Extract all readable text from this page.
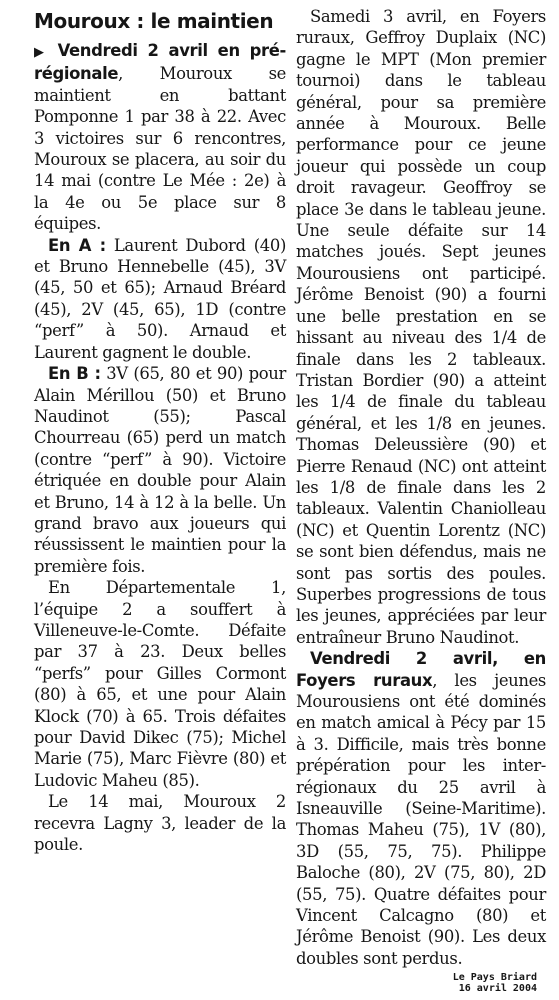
Mouroux : le maintien

▶ Vendredi 2 avril en pré-régionale, Mouroux se maintient en battant Pomponne 1 par 38 à 22. Avec 3 victoires sur 6 rencontres, Mouroux se placera, au soir du 14 mai (contre Le Mée : 2e) à la 4e ou 5e place sur 8 équipes.

En A : Laurent Dubord (40) et Bruno Hennebelle (45), 3V (45, 50 et 65); Arnaud Bréard (45), 2V (45, 65), 1D (contre “perf” à 50). Arnaud et Laurent gagnent le double.

En B : 3V (65, 80 et 90) pour Alain Mérillou (50) et Bruno Naudinot (55); Pascal Chourreau (65) perd un match (contre “perf” à 90). Victoire étriquée en double pour Alain et Bruno, 14 à 12 à la belle. Un grand bravo aux joueurs qui réussissent le maintien pour la première fois.

En Départementale 1, l’équipe 2 a souffert à Villeneuve-le-Comte. Défaite par 37 à 23. Deux belles “perfs” pour Gilles Cormont (80) à 65, et une pour Alain Klock (70) à 65. Trois défaites pour David Dikec (75); Michel Marie (75), Marc Fièvre (80) et Ludovic Maheu (85).

Le 14 mai, Mouroux 2 recevra Lagny 3, leader de la poule.

Samedi 3 avril, en Foyers ruraux, Geffroy Duplaix (NC) gagne le MPT (Mon premier tournoi) dans le tableau général, pour sa première année à Mouroux. Belle performance pour ce jeune joueur qui possède un coup droit ravageur. Geoffroy se place 3e dans le tableau jeune. Une seule défaite sur 14 matches joués. Sept jeunes Mourousiens ont participé. Jérôme Benoist (90) a fourni une belle prestation en se hissant au niveau des 1/4 de finale dans les 2 tableaux. Tristan Bordier (90) a atteint les 1/4 de finale du tableau général, et les 1/8 en jeunes. Thomas Deleussière (90) et Pierre Renaud (NC) ont atteint les 1/8 de finale dans les 2 tableaux. Valentin Chaniolleau (NC) et Quentin Lorentz (NC) se sont bien défendus, mais ne sont pas sortis des poules. Superbes progressions de tous les jeunes, appréciées par leur entraîneur Bruno Naudinot.

Vendredi 2 avril, en Foyers ruraux, les jeunes Mourousiens ont été dominés en match amical à Pécy par 15 à 3. Difficile, mais très bonne prépération pour les inter-régionaux du 25 avril à Isneauville (Seine-Maritime). Thomas Maheu (75), 1V (80), 3D (55, 75, 75). Philippe Baloche (80), 2V (75, 80), 2D (55, 75). Quatre défaites pour Vincent Calcagno (80) et Jérôme Benoist (90). Les deux doubles sont perdus.

Le Pays Briard
16 avril 2004
